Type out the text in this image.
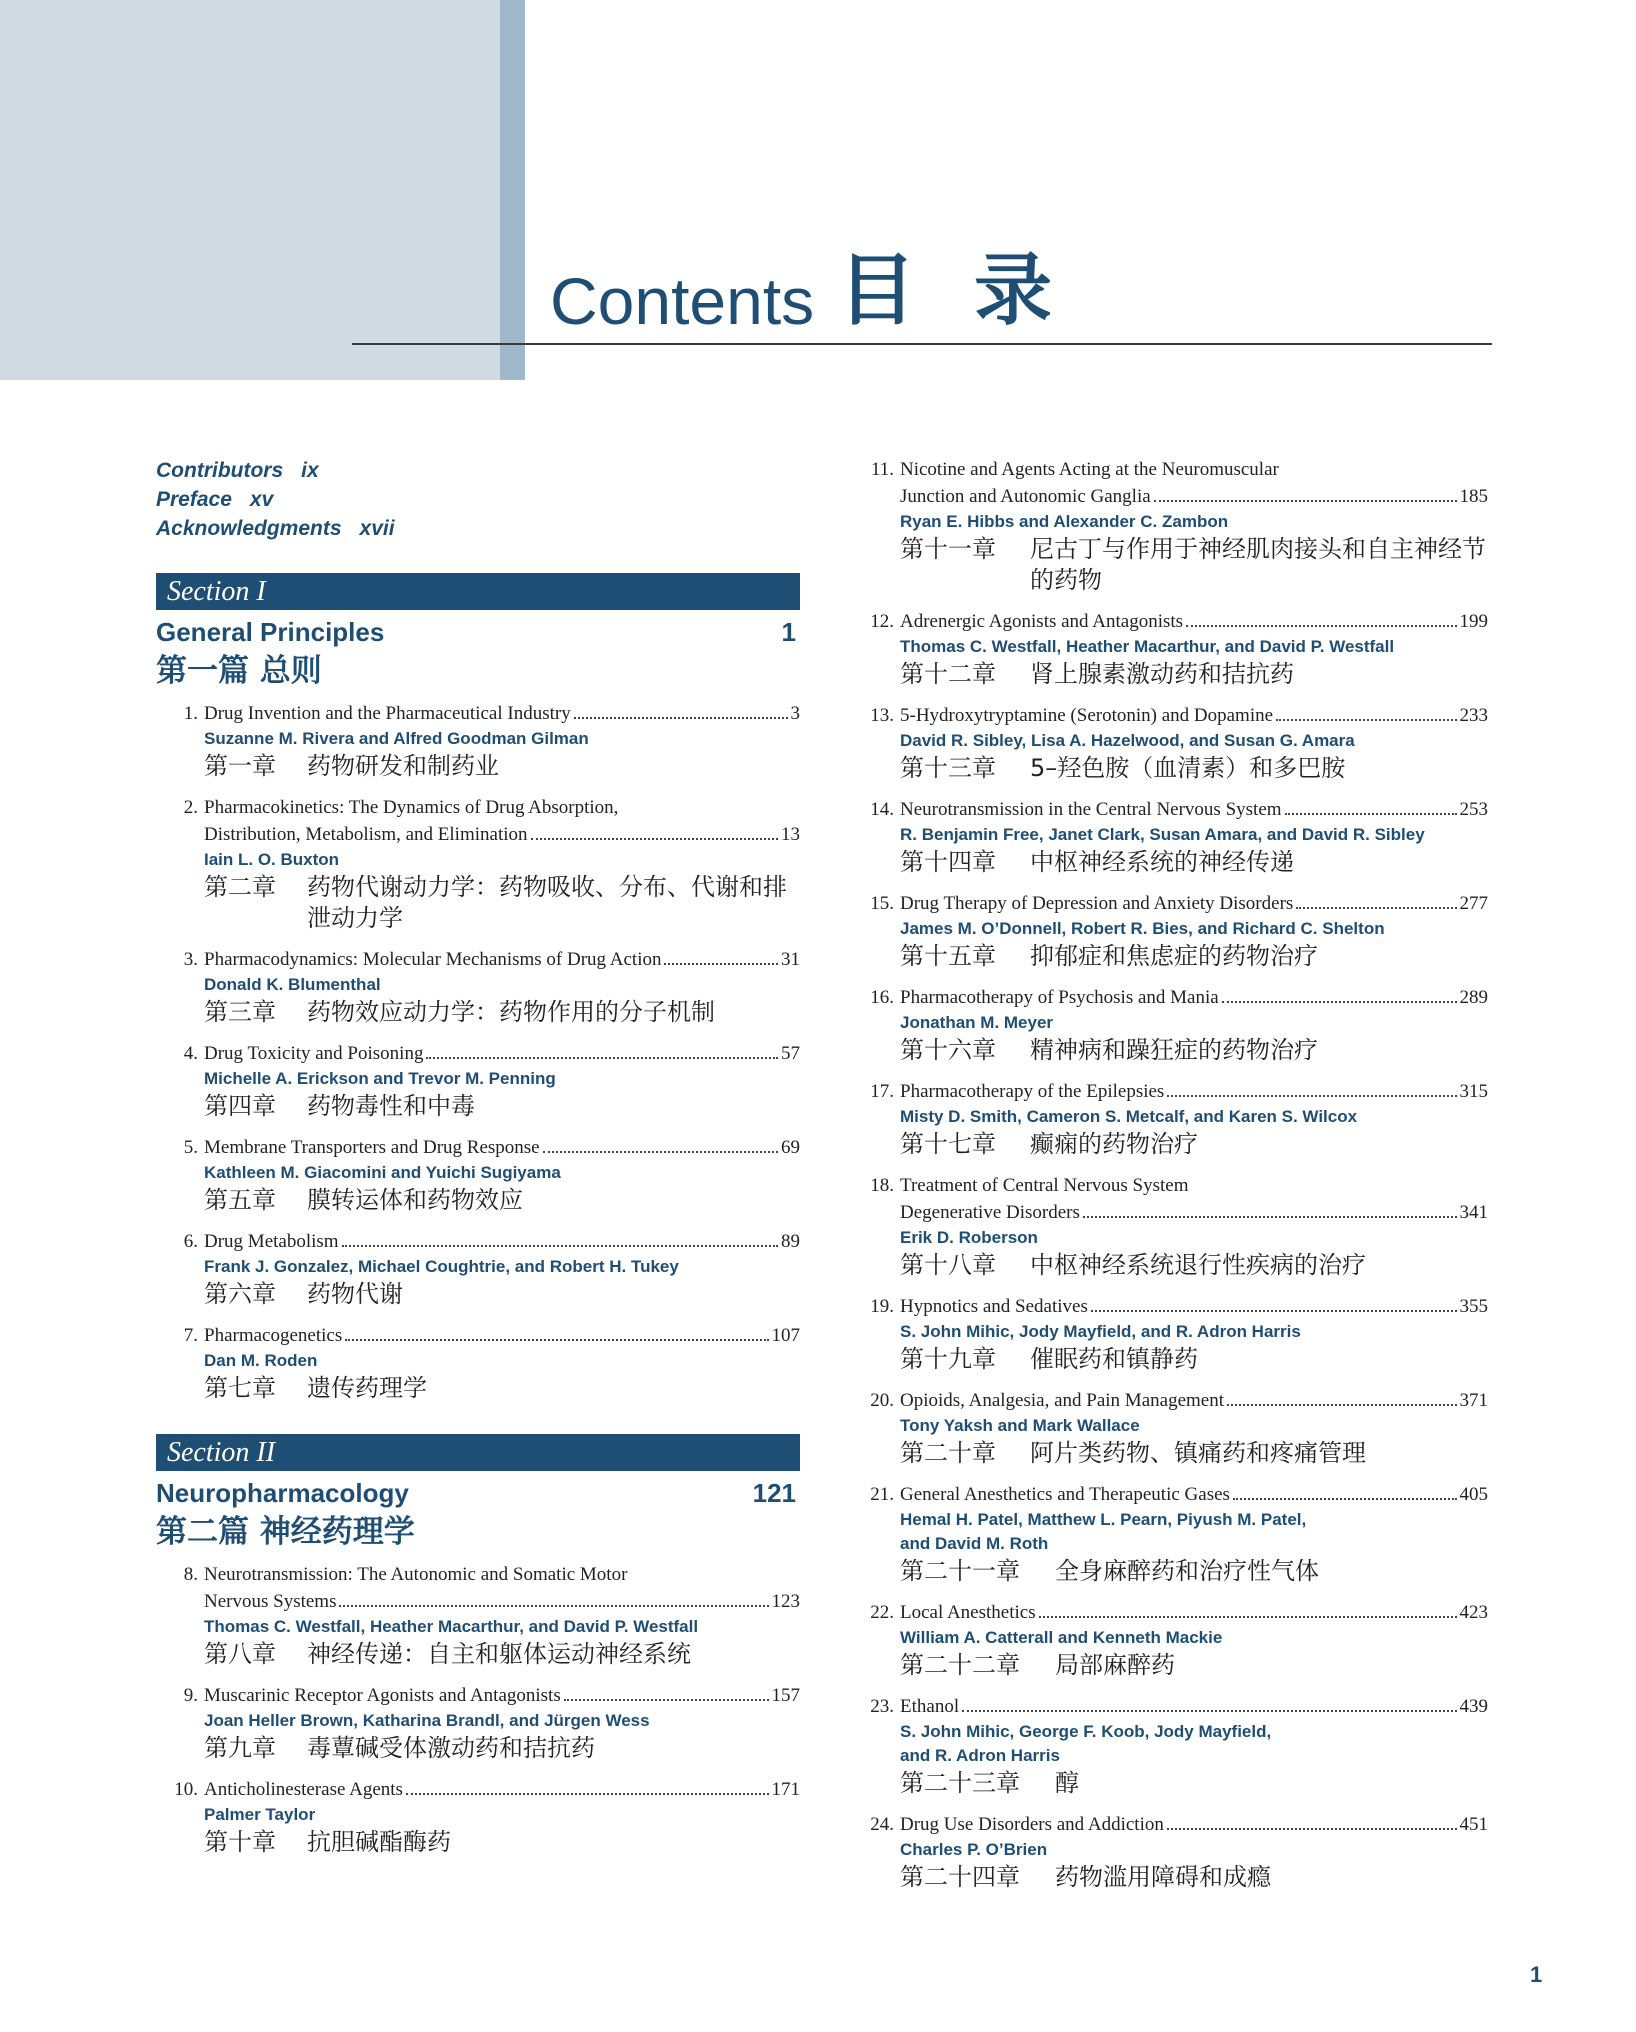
Contents 目录
Contributors ix
Preface xv
Acknowledgments xvii
Section I
General Principles	1
第一篇 总则
1. Drug Invention and the Pharmaceutical Industry	3
Suzanne M. Rivera and Alfred Goodman Gilman
第一章 药物研发和制药业
2. Pharmacokinetics: The Dynamics of Drug Absorption,
Distribution, Metabolism, and Elimination	13
Iain L. O. Buxton
第二章 药物代谢动力学：药物吸收、分布、代谢和排泄动力学
3. Pharmacodynamics: Molecular Mechanisms of Drug Action	31
Donald K. Blumenthal
第三章 药物效应动力学：药物作用的分子机制
4. Drug Toxicity and Poisoning	57
Michelle A. Erickson and Trevor M. Penning
第四章 药物毒性和中毒
5. Membrane Transporters and Drug Response	69
Kathleen M. Giacomini and Yuichi Sugiyama
第五章 膜转运体和药物效应
6. Drug Metabolism	89
Frank J. Gonzalez, Michael Coughtrie, and Robert H. Tukey
第六章 药物代谢
7. Pharmacogenetics	107
Dan M. Roden
第七章 遗传药理学
Section II
Neuropharmacology	121
第二篇 神经药理学
8. Neurotransmission: The Autonomic and Somatic Motor
Nervous Systems	123
Thomas C. Westfall, Heather Macarthur, and David P. Westfall
第八章 神经传递：自主和躯体运动神经系统
9. Muscarinic Receptor Agonists and Antagonists	157
Joan Heller Brown, Katharina Brandl, and Jürgen Wess
第九章 毒蕈碱受体激动药和拮抗药
10. Anticholinesterase Agents	171
Palmer Taylor
第十章 抗胆碱酯酶药
11. Nicotine and Agents Acting at the Neuromuscular
Junction and Autonomic Ganglia	185
Ryan E. Hibbs and Alexander C. Zambon
第十一章 尼古丁与作用于神经肌肉接头和自主神经节的药物
12. Adrenergic Agonists and Antagonists	199
Thomas C. Westfall, Heather Macarthur, and David P. Westfall
第十二章 肾上腺素激动药和拮抗药
13. 5-Hydroxytryptamine (Serotonin) and Dopamine	233
David R. Sibley, Lisa A. Hazelwood, and Susan G. Amara
第十三章 5–羟色胺（血清素）和多巴胺
14. Neurotransmission in the Central Nervous System	253
R. Benjamin Free, Janet Clark, Susan Amara, and David R. Sibley
第十四章 中枢神经系统的神经传递
15. Drug Therapy of Depression and Anxiety Disorders	277
James M. O’Donnell, Robert R. Bies, and Richard C. Shelton
第十五章 抑郁症和焦虑症的药物治疗
16. Pharmacotherapy of Psychosis and Mania	289
Jonathan M. Meyer
第十六章 精神病和躁狂症的药物治疗
17. Pharmacotherapy of the Epilepsies	315
Misty D. Smith, Cameron S. Metcalf, and Karen S. Wilcox
第十七章 癫痫的药物治疗
18. Treatment of Central Nervous System
Degenerative Disorders	341
Erik D. Roberson
第十八章 中枢神经系统退行性疾病的治疗
19. Hypnotics and Sedatives	355
S. John Mihic, Jody Mayfield, and R. Adron Harris
第十九章 催眠药和镇静药
20. Opioids, Analgesia, and Pain Management	371
Tony Yaksh and Mark Wallace
第二十章 阿片类药物、镇痛药和疼痛管理
21. General Anesthetics and Therapeutic Gases	405
Hemal H. Patel, Matthew L. Pearn, Piyush M. Patel,
and David M. Roth
第二十一章 全身麻醉药和治疗性气体
22. Local Anesthetics	423
William A. Catterall and Kenneth Mackie
第二十二章 局部麻醉药
23. Ethanol	439
S. John Mihic, George F. Koob, Jody Mayfield,
and R. Adron Harris
第二十三章 醇
24. Drug Use Disorders and Addiction	451
Charles P. O’Brien
第二十四章 药物滥用障碍和成瘾
1
